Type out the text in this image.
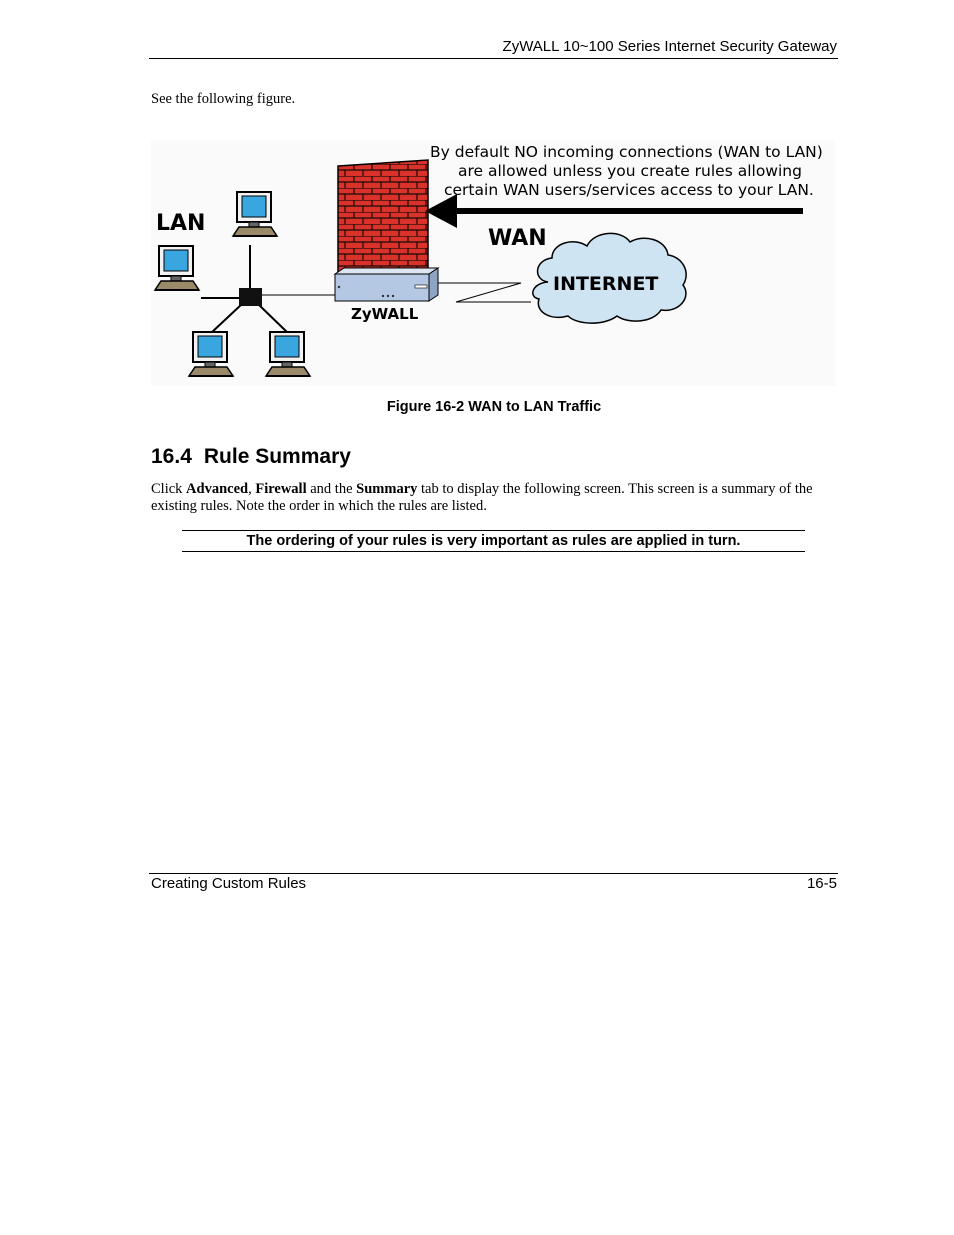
ZyWALL 10~100 Series Internet Security Gateway
See the following figure.
LAN
ZyWALL
INTERNET
WAN
By default NO incoming connections (WAN to LAN)
are allowed unless you create rules allowing
certain WAN users/services access to your LAN.
Figure 16-2 WAN to LAN Traffic
16.4 Rule Summary
Click Advanced, Firewall and the Summary tab to display the following screen. This screen is a summary of the existing rules. Note the order in which the rules are listed.
The ordering of your rules is very important as rules are applied in turn.
Creating Custom Rules	16-5
